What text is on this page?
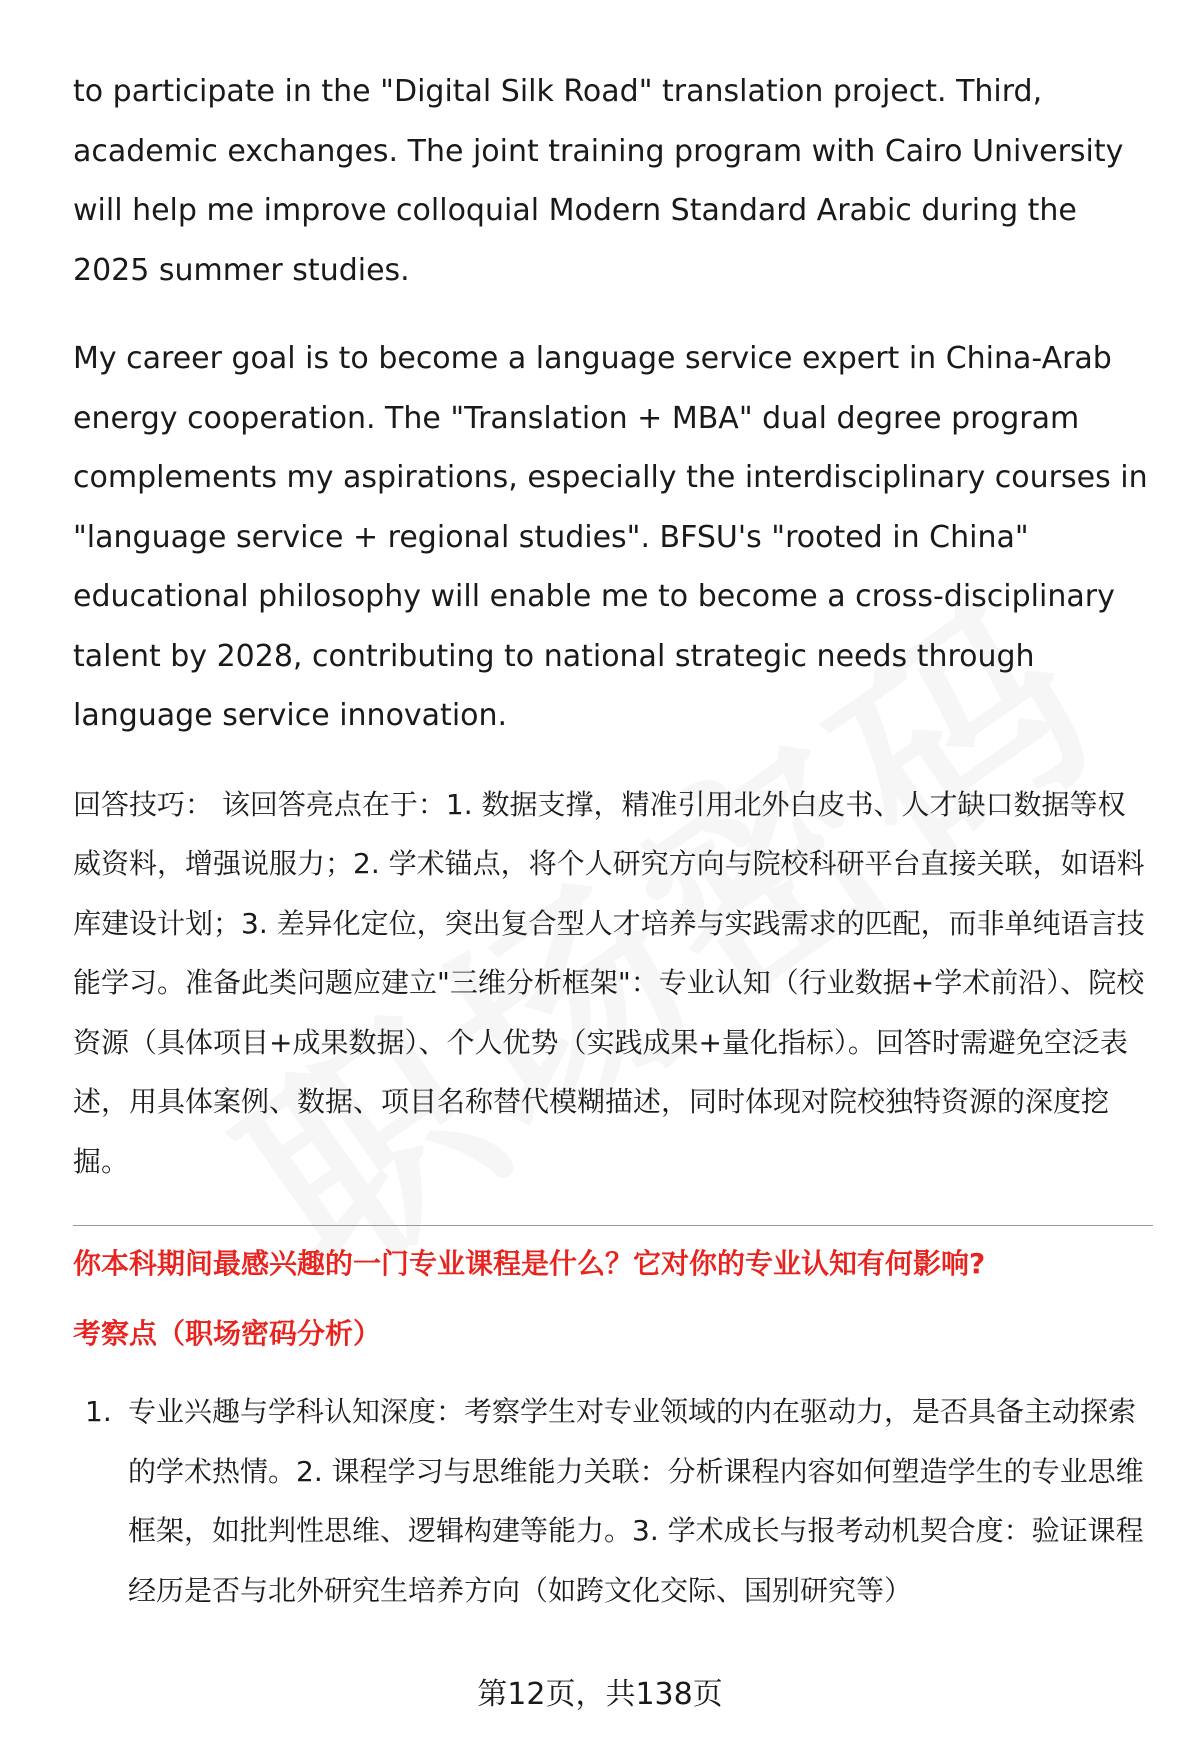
to participate in the "Digital Silk Road" translation project. Third, academic exchanges. The joint training program with Cairo University will help me improve colloquial Modern Standard Arabic during the 2025 summer studies.

My career goal is to become a language service expert in China-Arab energy cooperation. The "Translation + MBA" dual degree program complements my aspirations, especially the interdisciplinary courses in "language service + regional studies". BFSU's "rooted in China" educational philosophy will enable me to become a cross-disciplinary talent by 2028, contributing to national strategic needs through language service innovation.

回答技巧： 该回答亮点在于：1. 数据支撑，精准引用北外白皮书、人才缺口数据等权威资料，增强说服力；2. 学术锚点，将个人研究方向与院校科研平台直接关联，如语料库建设计划；3. 差异化定位，突出复合型人才培养与实践需求的匹配，而非单纯语言技能学习。准备此类问题应建立"三维分析框架"：专业认知（行业数据+学术前沿）、院校资源（具体项目+成果数据）、个人优势（实践成果+量化指标）。回答时需避免空泛表述，用具体案例、数据、项目名称替代模糊描述，同时体现对院校独特资源的深度挖掘。

你本科期间最感兴趣的一门专业课程是什么？它对你的专业认知有何影响?

考察点（职场密码分析）

1. 专业兴趣与学科认知深度：考察学生对专业领域的内在驱动力，是否具备主动探索的学术热情。2. 课程学习与思维能力关联：分析课程内容如何塑造学生的专业思维框架，如批判性思维、逻辑构建等能力。3. 学术成长与报考动机契合度：验证课程经历是否与北外研究生培养方向（如跨文化交际、国别研究等）
第12页，共138页
